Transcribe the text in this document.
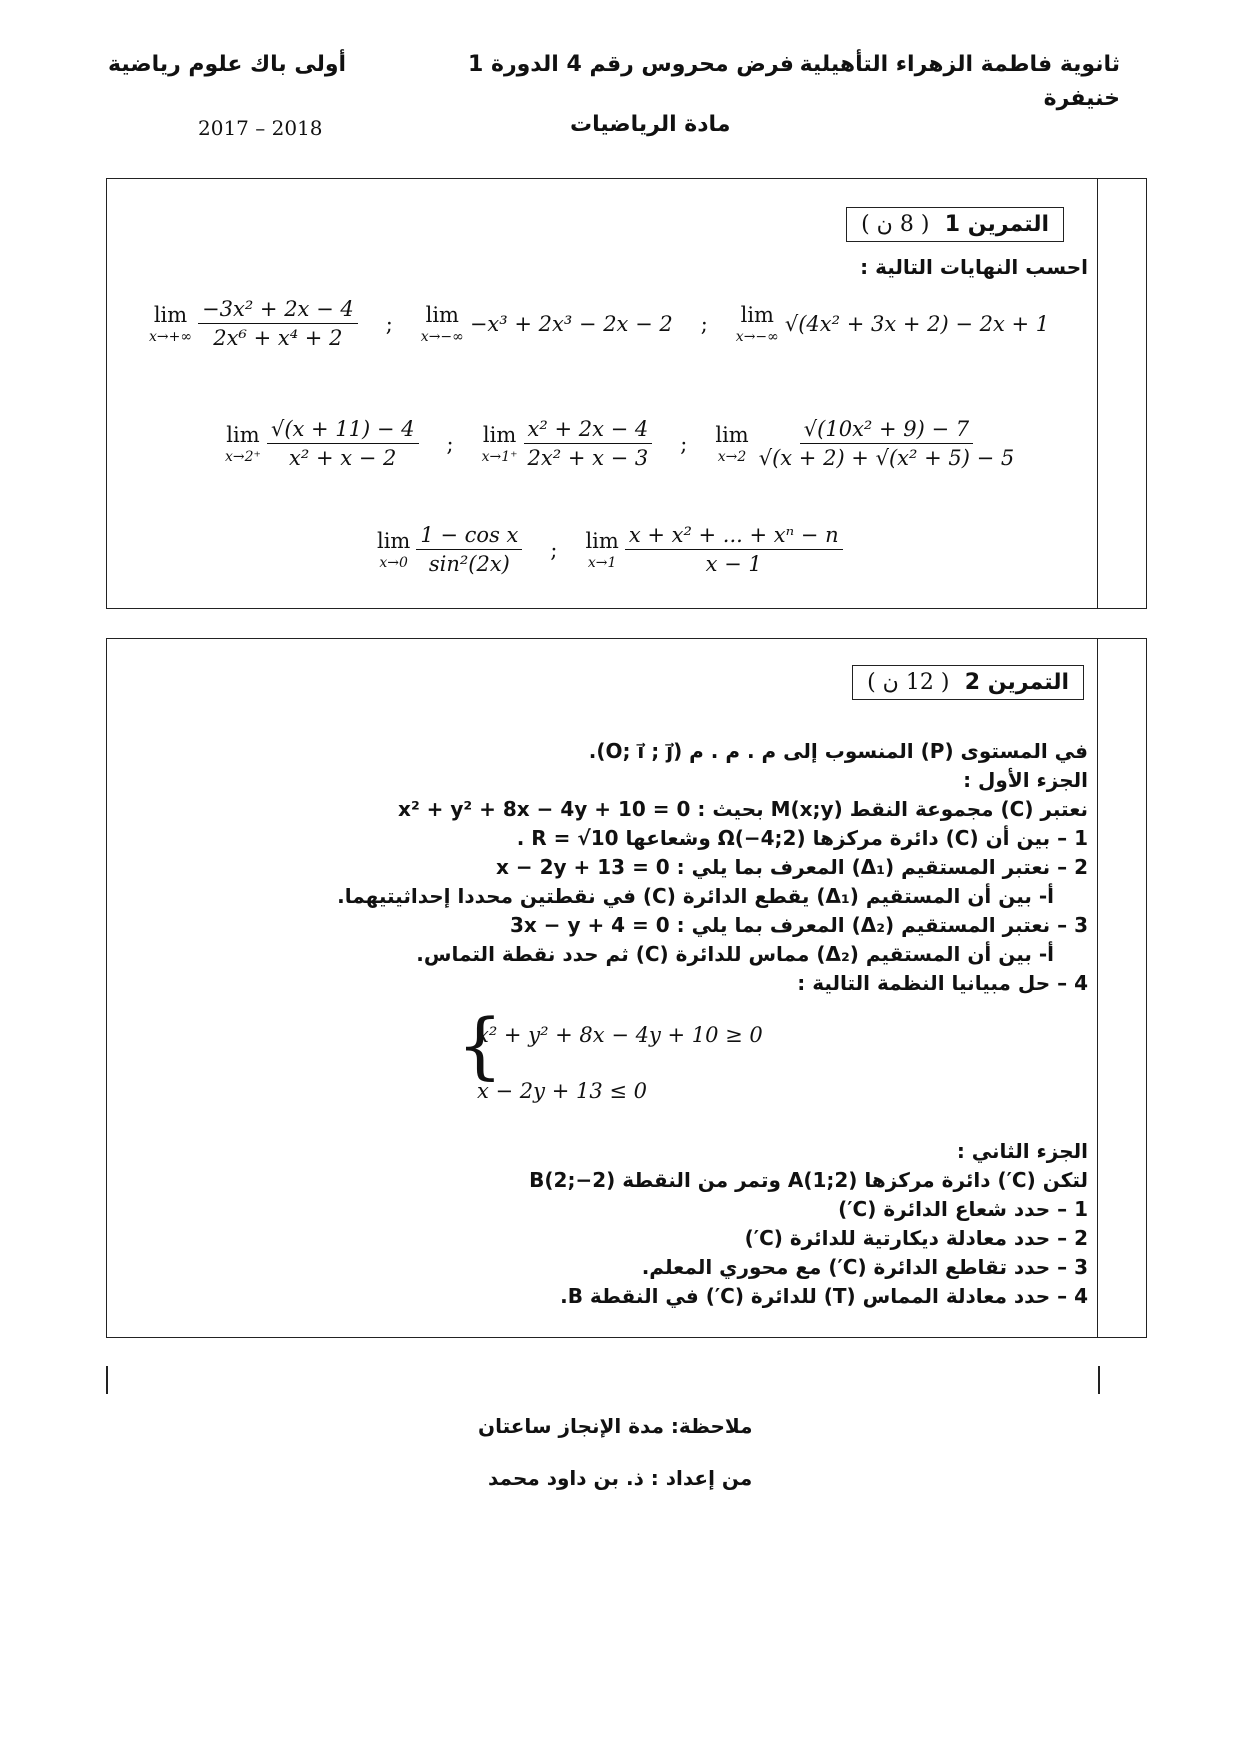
ثانوية فاطمة الزهراء التأهيلية
خنيفرة
فرض محروس رقم 4 الدورة 1
مادة الرياضيات
أولى باك علوم رياضية
2017 – 2018
التمرين 1  ( 8 ن )
احسب النهايات التالية :
lim
$x\to+\infty \frac{\text{−3x² + 2x − 4}}{\text{2x⁶ + x⁴ + 2}}$ ; lim
x→−∞
−x³ + 2x³ − 2x − 2 ; lim
x→−∞
√(4x² + 3x + 2) − 2x + 1
lim
$x\to 2^+ \frac{√(x + 11) - 4}{\text{x² + x − 2}}$ ; lim
$x\to 1^+ \frac{\text{x² + 2x − 4}}{\text{2x² + x − 3}}$ ; lim
$x\to 2 \frac{\text{√(10x² + 9) − 7}}{\text{√(x + 2) + √(x² + 5) − 5}}$
lim
$x\to 0 \frac{\text{1 − cos x}}{\text{sin²(2x)}}$ ; lim
$x\to 1 \frac{\text{x + x² + ... + xⁿ − n}}{x - 1}$
التمرين 2  ( 12 ن )
في المستوى (P) المنسوب إلى م . م . م (O; i⃗ ; j⃗).
الجزء الأول :
نعتبر (C) مجموعة النقط M(x;y) بحيث : x² + y² + 8x − 4y + 10 = 0
1 – بين أن (C) دائرة مركزها Ω(−4;2) وشعاعها R = √10 .
2 – نعتبر المستقيم (Δ₁) المعرف بما يلي : x − 2y + 13 = 0
أ- بين أن المستقيم (Δ₁) يقطع الدائرة (C) في نقطتين محددا إحداثيتيهما.
3 – نعتبر المستقيم (Δ₂) المعرف بما يلي : 3x − y + 4 = 0
أ- بين أن المستقيم (Δ₂) مماس للدائرة (C) ثم حدد نقطة التماس.
4 – حل مبيانيا النظمة التالية :
{
x² + y² + 8x − 4y + 10 ≥ 0
x − 2y + 13 ≤ 0
الجزء الثاني :
لتكن (C′) دائرة مركزها A(1;2) وتمر من النقطة B(2;−2)
1 – حدد شعاع الدائرة (C′)
2 – حدد معادلة ديكارتية للدائرة (C′)
3 – حدد تقاطع الدائرة (C′) مع محوري المعلم.
4 – حدد معادلة المماس (T) للدائرة (C′) في النقطة B.
ملاحظة: مدة الإنجاز ساعتان
من إعداد : ذ. بن داود محمد
